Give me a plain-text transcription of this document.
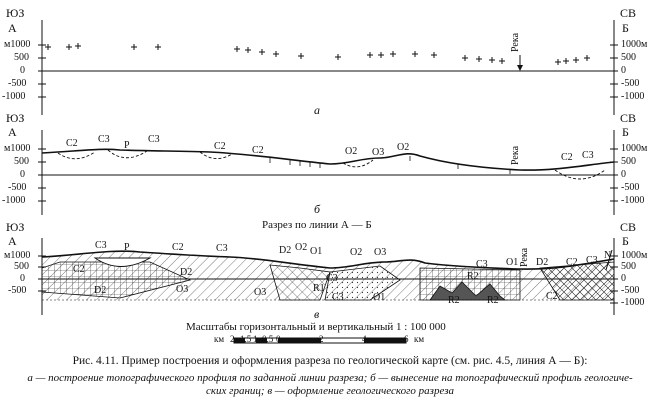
ЮЗ
А
СВ
Б
м1000
500
0
-500
-1000
1000м
500
0
-500
-1000
Река
а
ЮЗ
А
СВ
Б
м1000
500
0
-500
-1000
1000м
500
0
-500
-1000
Река
C2 C3
P
C3
C2	C2	O2 O3 O2
C2 C3
б
ЮЗ
А
СВ
Б
Разрез по линии А — Б
м1000
500
0
-500
1000м
500
0
-500
-1000
Река
C3 P	C2	C3
C2	D2
D2	O3
D2 O2 O1	O2 O3
C3
O3	R1
C3	O1
C3
R2
R2	R2
O1 D2 C2 C3 N
C2
в
Масштабы горизонтальный и вертикальный 1 : 100 000
км 2 1,5 1 0,5 0	2	4	6 км
Рис. 4.11. Пример построения и оформления разреза по геологической карте (см. рис. 4.5, линия А — Б):
а — построение топографического профиля по заданной линии разреза; б — вынесение на топографический профиль геологиче-
ских границ; в — оформление геологического разреза
